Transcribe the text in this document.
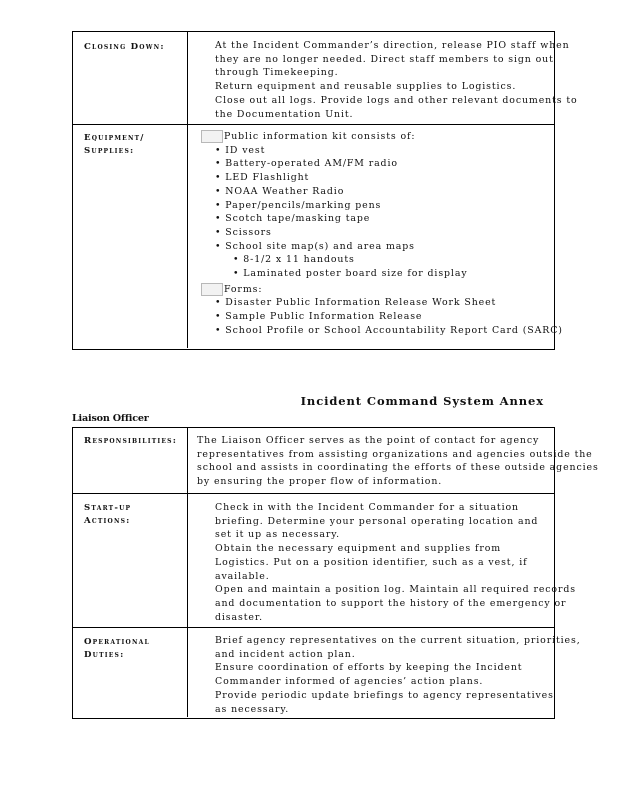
Closing Down:	At the Incident Commander’s direction, release PIO staff when
they are no longer needed. Direct staff members to sign out
through Timekeeping.
Return equipment and reusable supplies to Logistics.
Close out all logs. Provide logs and other relevant documents to
the Documentation Unit.
Equipment/
Supplies:
Public information kit consists of:
• ID vest
• Battery-operated AM/FM radio
• LED Flashlight
• NOAA Weather Radio
• Paper/pencils/marking pens
• Scotch tape/masking tape
• Scissors
• School site map(s) and area maps
• 8-1/2 x 11 handouts
• Laminated poster board size for display
Forms:
• Disaster Public Information Release Work Sheet
• Sample Public Information Release
• School Profile or School Accountability Report Card (SARC)
Incident Command System Annex
Liaison Officer
Responsibilities:	The Liaison Officer serves as the point of contact for agency
representatives from assisting organizations and agencies outside the
school and assists in coordinating the efforts of these outside agencies
by ensuring the proper flow of information.
Start-up
Actions:
Check in with the Incident Commander for a situation
briefing. Determine your personal operating location and
set it up as necessary.
Obtain the necessary equipment and supplies from
Logistics. Put on a position identifier, such as a vest, if
available.
Open and maintain a position log. Maintain all required records
and documentation to support the history of the emergency or
disaster.
Operational
Duties:
Brief agency representatives on the current situation, priorities,
and incident action plan.
Ensure coordination of efforts by keeping the Incident
Commander informed of agencies’ action plans.
Provide periodic update briefings to agency representatives
as necessary.
